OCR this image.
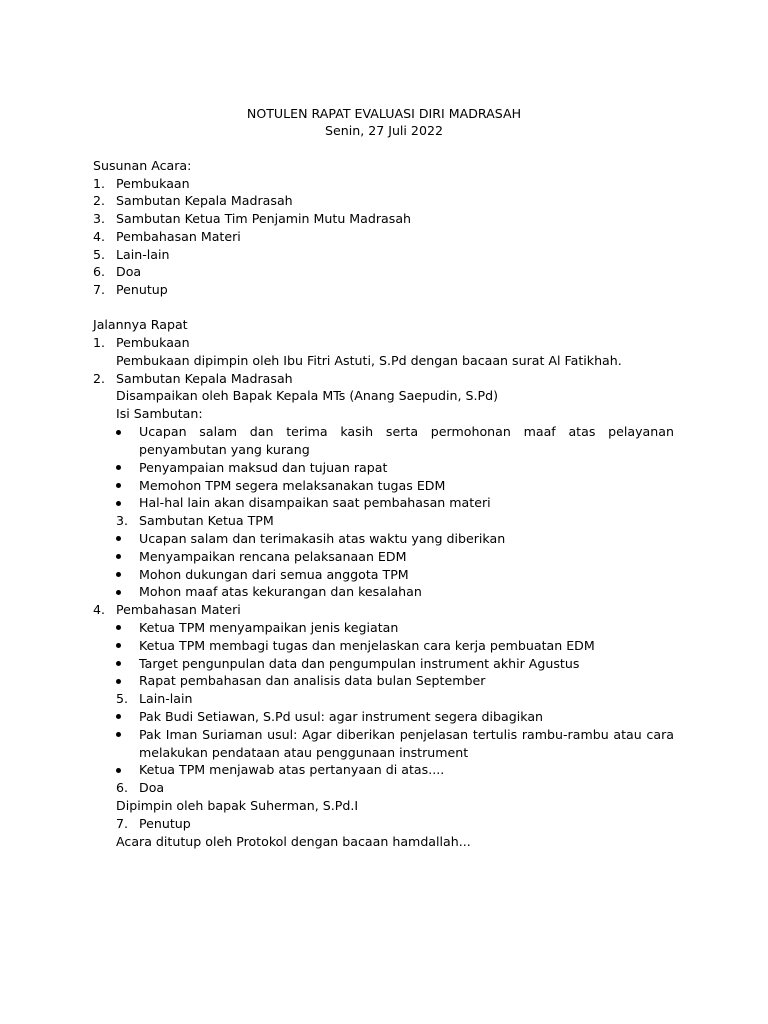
NOTULEN RAPAT EVALUASI DIRI MADRASAH
Senin, 27 Juli 2022
Susunan Acara:
1. Pembukaan
2. Sambutan Kepala Madrasah
3. Sambutan Ketua Tim Penjamin Mutu Madrasah
4. Pembahasan Materi
5. Lain-lain
6. Doa
7. Penutup
Jalannya Rapat
1. Pembukaan
Pembukaan dipimpin oleh Ibu Fitri Astuti, S.Pd dengan bacaan surat Al Fatikhah.
2. Sambutan Kepala Madrasah
Disampaikan oleh Bapak Kepala MTs (Anang Saepudin, S.Pd)
Isi Sambutan:
Ucapan salam dan terima kasih serta permohonan maaf atas pelayanan
penyambutan yang kurang
Penyampaian maksud dan tujuan rapat
Memohon TPM segera melaksanakan tugas EDM
Hal-hal lain akan disampaikan saat pembahasan materi
3. Sambutan Ketua TPM
Ucapan salam dan terimakasih atas waktu yang diberikan
Menyampaikan rencana pelaksanaan EDM
Mohon dukungan dari semua anggota TPM
Mohon maaf atas kekurangan dan kesalahan
4. Pembahasan Materi
Ketua TPM menyampaikan jenis kegiatan
Ketua TPM membagi tugas dan menjelaskan cara kerja pembuatan EDM
Target pengunpulan data dan pengumpulan instrument akhir Agustus
Rapat pembahasan dan analisis data bulan September
5. Lain-lain
Pak Budi Setiawan, S.Pd usul: agar instrument segera dibagikan
Pak Iman Suriaman usul: Agar diberikan penjelasan tertulis rambu-rambu atau cara
melakukan pendataan atau penggunaan instrument
Ketua TPM menjawab atas pertanyaan di atas....
6. Doa
Dipimpin oleh bapak Suherman, S.Pd.I
7. Penutup
Acara ditutup oleh Protokol dengan bacaan hamdallah...
